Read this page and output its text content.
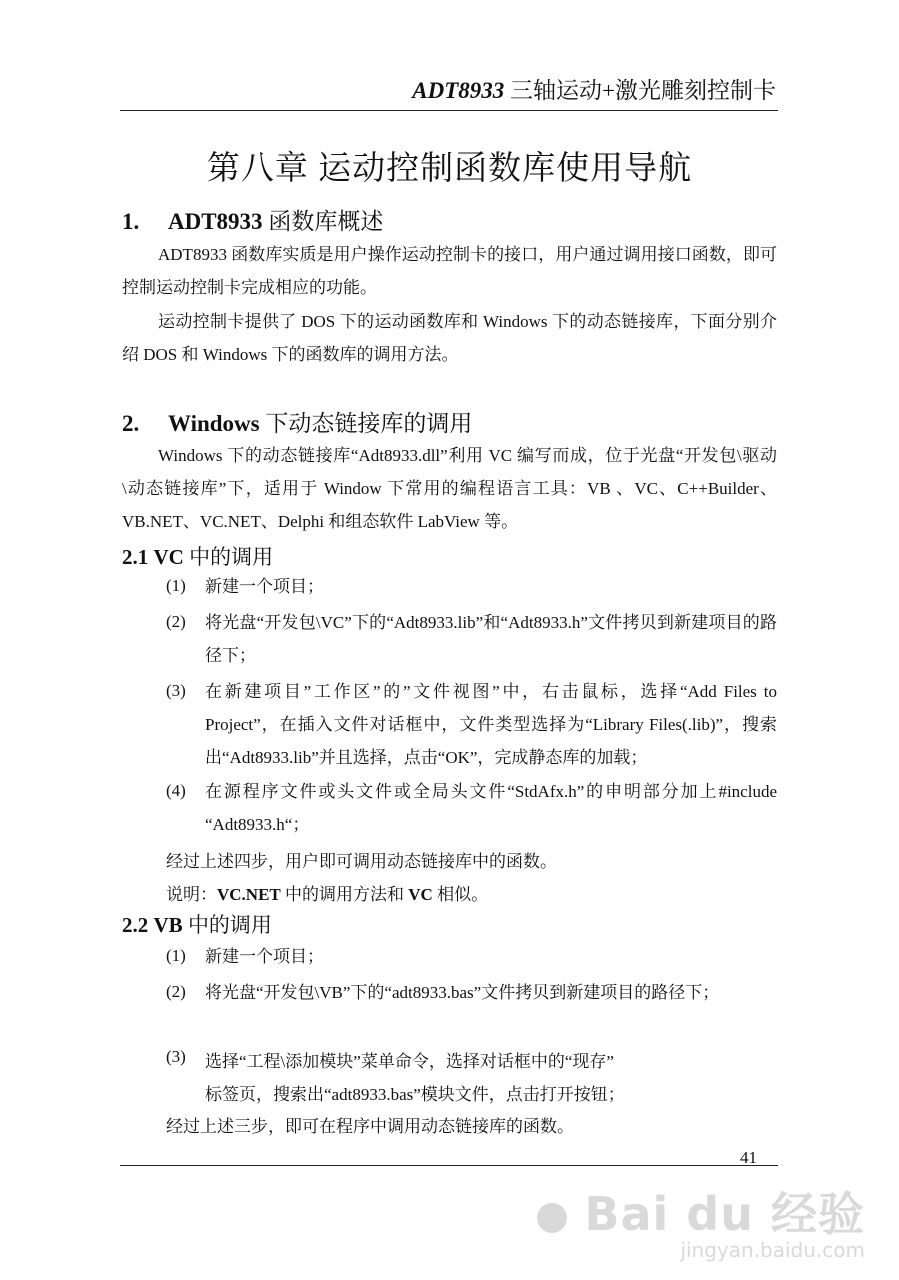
ADT8933 三轴运动+激光雕刻控制卡
第八章 运动控制函数库使用导航
1. ADT8933 函数库概述
ADT8933 函数库实质是用户操作运动控制卡的接口，用户通过调用接口函数，即可控制运动控制卡完成相应的功能。
运动控制卡提供了 DOS 下的运动函数库和 Windows 下的动态链接库，下面分别介绍 DOS 和 Windows 下的函数库的调用方法。
2. Windows 下动态链接库的调用
Windows 下的动态链接库“Adt8933.dll”利用 VC 编写而成，位于光盘“开发包\驱动\动态链接库”下，适用于 Window 下常用的编程语言工具：VB 、VC、C++Builder、VB.NET、VC.NET、Delphi 和组态软件 LabView 等。
2.1 VC 中的调用
(1) 新建一个项目；
(2) 将光盘“开发包\VC”下的“Adt8933.lib”和“Adt8933.h”文件拷贝到新建项目的路径下；
(3) 在新建项目”工作区”的”文件视图”中，右击鼠标，选择“Add Files to Project”，在插入文件对话框中，文件类型选择为“Library Files(.lib)”，搜索出“Adt8933.lib”并且选择，点击“OK”，完成静态库的加载；
(4) 在源程序文件或头文件或全局头文件“StdAfx.h”的申明部分加上#include “Adt8933.h“；
经过上述四步，用户即可调用动态链接库中的函数。
说明：VC.NET 中的调用方法和 VC 相似。
2.2 VB 中的调用
(1) 新建一个项目；
(2) 将光盘“开发包\VB”下的“adt8933.bas”文件拷贝到新建项目的路径下；
(3) 选择“工程\添加模块”菜单命令，选择对话框中的“现存”
标签页，搜索出“adt8933.bas”模块文件，点击打开按钮；
经过上述三步，即可在程序中调用动态链接库的函数。
41
Bai du 经验
jingyan.baidu.com
